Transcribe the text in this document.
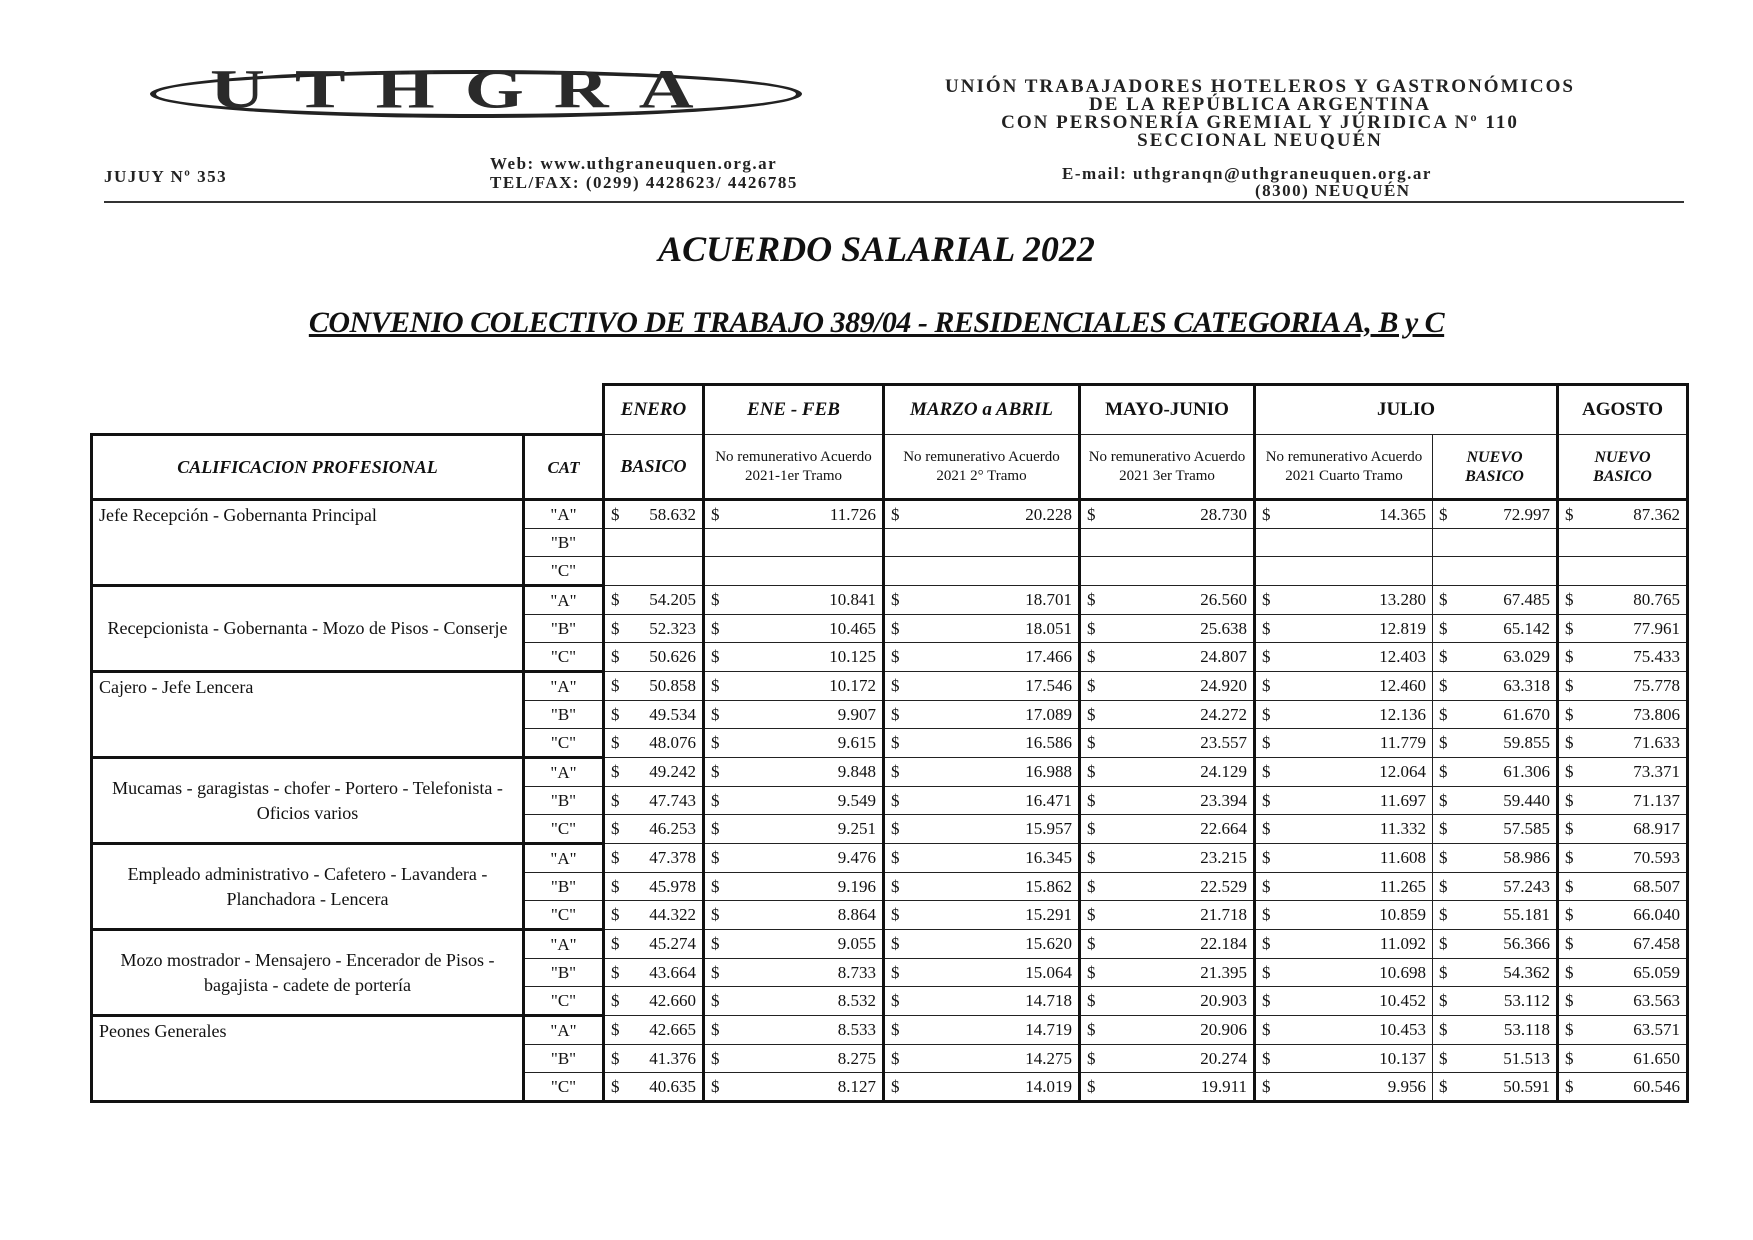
UTHGRA	UNIÓN TRABAJADORES HOTELEROS Y GASTRONÓMICOS
DE LA REPÚBLICA ARGENTINA
CON PERSONERÍA GREMIAL Y JÚRIDICA Nº 110
SECCIONAL NEUQUÉN
JUJUY Nº 353
Web: www.uthgraneuquen.org.ar
TEL/FAX: (0299) 4428623/ 4426785	E-mail: uthgranqn@uthgraneuquen.org.ar
(8300) NEUQUÉN
ACUERDO SALARIAL 2022
CONVENIO COLECTIVO DE TRABAJO 389/04 - RESIDENCIALES CATEGORIA A, B y C
		ENERO	ENE - FEB	MARZO a ABRIL	MAYO-JUNIO	JULIO		AGOSTO
CALIFICACION PROFESIONAL	CAT	BASICO	No remunerativo Acuerdo 2021-1er Tramo	No remunerativo Acuerdo 2021 2° Tramo	No remunerativo Acuerdo 2021 3er Tramo	No remunerativo Acuerdo 2021 Cuarto Tramo	NUEVO BASICO	NUEVO BASICO
Jefe Recepción - Gobernanta Principal	"A"	$ 58.632	$ 11.726	$ 20.228	$ 28.730	$ 14.365	$ 72.997	$ 87.362

	"B"							
	"C"							
Recepcionista - Gobernanta - Mozo de Pisos - Conserje	"A"	$ 54.205	$ 10.841	$ 18.701	$ 26.560	$ 13.280	$ 67.485	$ 80.765

	"B"	$ 52.323	$ 10.465	$ 18.051	$ 25.638	$ 12.819	$ 65.142	$ 77.961

	"C"	$ 50.626	$ 10.125	$ 17.466	$ 24.807	$ 12.403	$ 63.029	$ 75.433

Cajero - Jefe Lencera	"A"	$ 50.858	$ 10.172	$ 17.546	$ 24.920	$ 12.460	$ 63.318	$ 75.778

	"B"	$ 49.534	$ 9.907	$ 17.089	$ 24.272	$ 12.136	$ 61.670	$ 73.806

	"C"	$ 48.076	$ 9.615	$ 16.586	$ 23.557	$ 11.779	$ 59.855	$ 71.633

Mucamas - garagistas - chofer - Portero - Telefonista - Oficios varios	"A"	$ 49.242	$ 9.848	$ 16.988	$ 24.129	$ 12.064	$ 61.306	$ 73.371

	"B"	$ 47.743	$ 9.549	$ 16.471	$ 23.394	$ 11.697	$ 59.440	$ 71.137

	"C"	$ 46.253	$ 9.251	$ 15.957	$ 22.664	$ 11.332	$ 57.585	$ 68.917

Empleado administrativo - Cafetero - Lavandera - Planchadora - Lencera	"A"	$ 47.378	$ 9.476	$ 16.345	$ 23.215	$ 11.608	$ 58.986	$ 70.593

	"B"	$ 45.978	$ 9.196	$ 15.862	$ 22.529	$ 11.265	$ 57.243	$ 68.507

	"C"	$ 44.322	$ 8.864	$ 15.291	$ 21.718	$ 10.859	$ 55.181	$ 66.040

Mozo mostrador - Mensajero - Encerador de Pisos - bagajista - cadete de portería	"A"	$ 45.274	$ 9.055	$ 15.620	$ 22.184	$ 11.092	$ 56.366	$ 67.458

	"B"	$ 43.664	$ 8.733	$ 15.064	$ 21.395	$ 10.698	$ 54.362	$ 65.059

	"C"	$ 42.660	$ 8.532	$ 14.718	$ 20.903	$ 10.452	$ 53.112	$ 63.563

Peones Generales	"A"	$ 42.665	$ 8.533	$ 14.719	$ 20.906	$ 10.453	$ 53.118	$ 63.571

	"B"	$ 41.376	$ 8.275	$ 14.275	$ 20.274	$ 10.137	$ 51.513	$ 61.650

	"C"	$ 40.635	$ 8.127	$ 14.019	$ 19.911	$ 9.956	$ 50.591	$ 60.546
